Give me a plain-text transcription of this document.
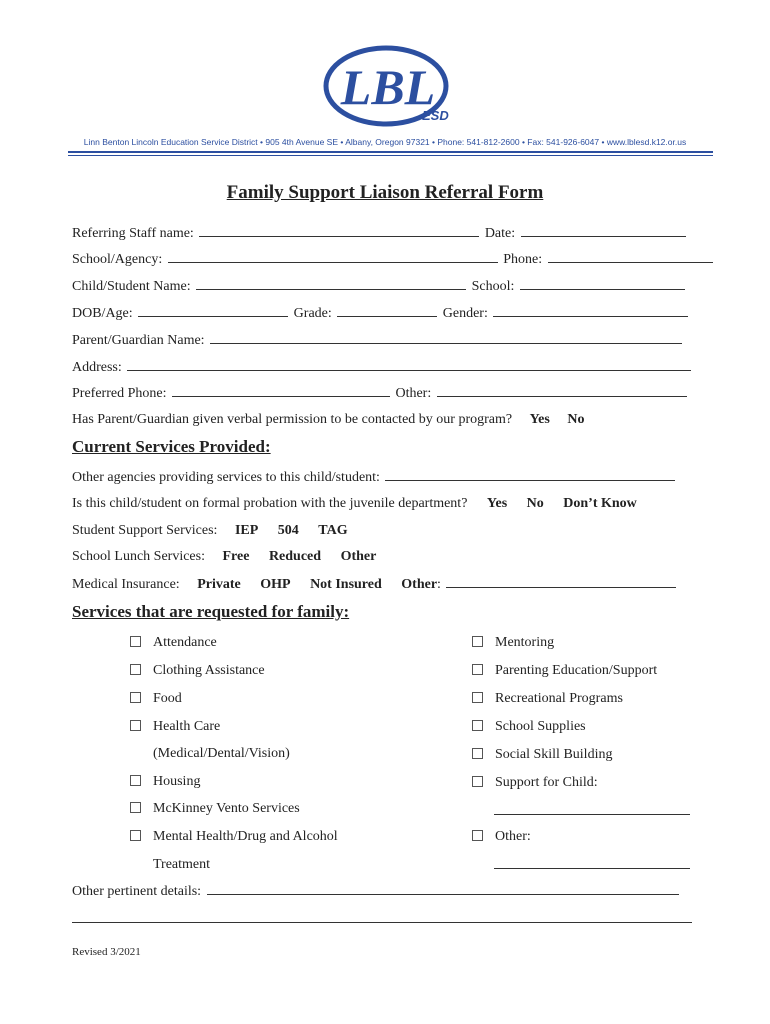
LBL
ESD
Linn Benton Lincoln Education Service District • 905 4th Avenue SE • Albany, Oregon 97321 • Phone: 541-812-2600 • Fax: 541-926-6047 • www.lblesd.k12.or.us
Family Support Liaison Referral Form
Referring Staff name:	Date:
School/Agency:	Phone:
Child/Student Name:	School:
DOB/Age:	Grade:	Gender:
Parent/Guardian Name:
Address:
Preferred Phone:	Other:
Has Parent/Guardian given verbal permission to be contacted by our program? Yes No
Current Services Provided:
Other agencies providing services to this child/student:
Is this child/student on formal probation with the juvenile department? Yes No Don’t Know
Student Support Services: IEP 504 TAG
School Lunch Services: Free Reduced Other
Medical Insurance: Private OHP Not Insured Other:
Services that are requested for family:
Attendance
Clothing Assistance
Food
Health Care
(Medical/Dental/Vision)
Housing
McKinney Vento Services
Mental Health/Drug and Alcohol
Treatment
Mentoring
Parenting Education/Support
Recreational Programs
School Supplies
Social Skill Building
Support for Child:
Other:
Other pertinent details:
Revised 3/2021
